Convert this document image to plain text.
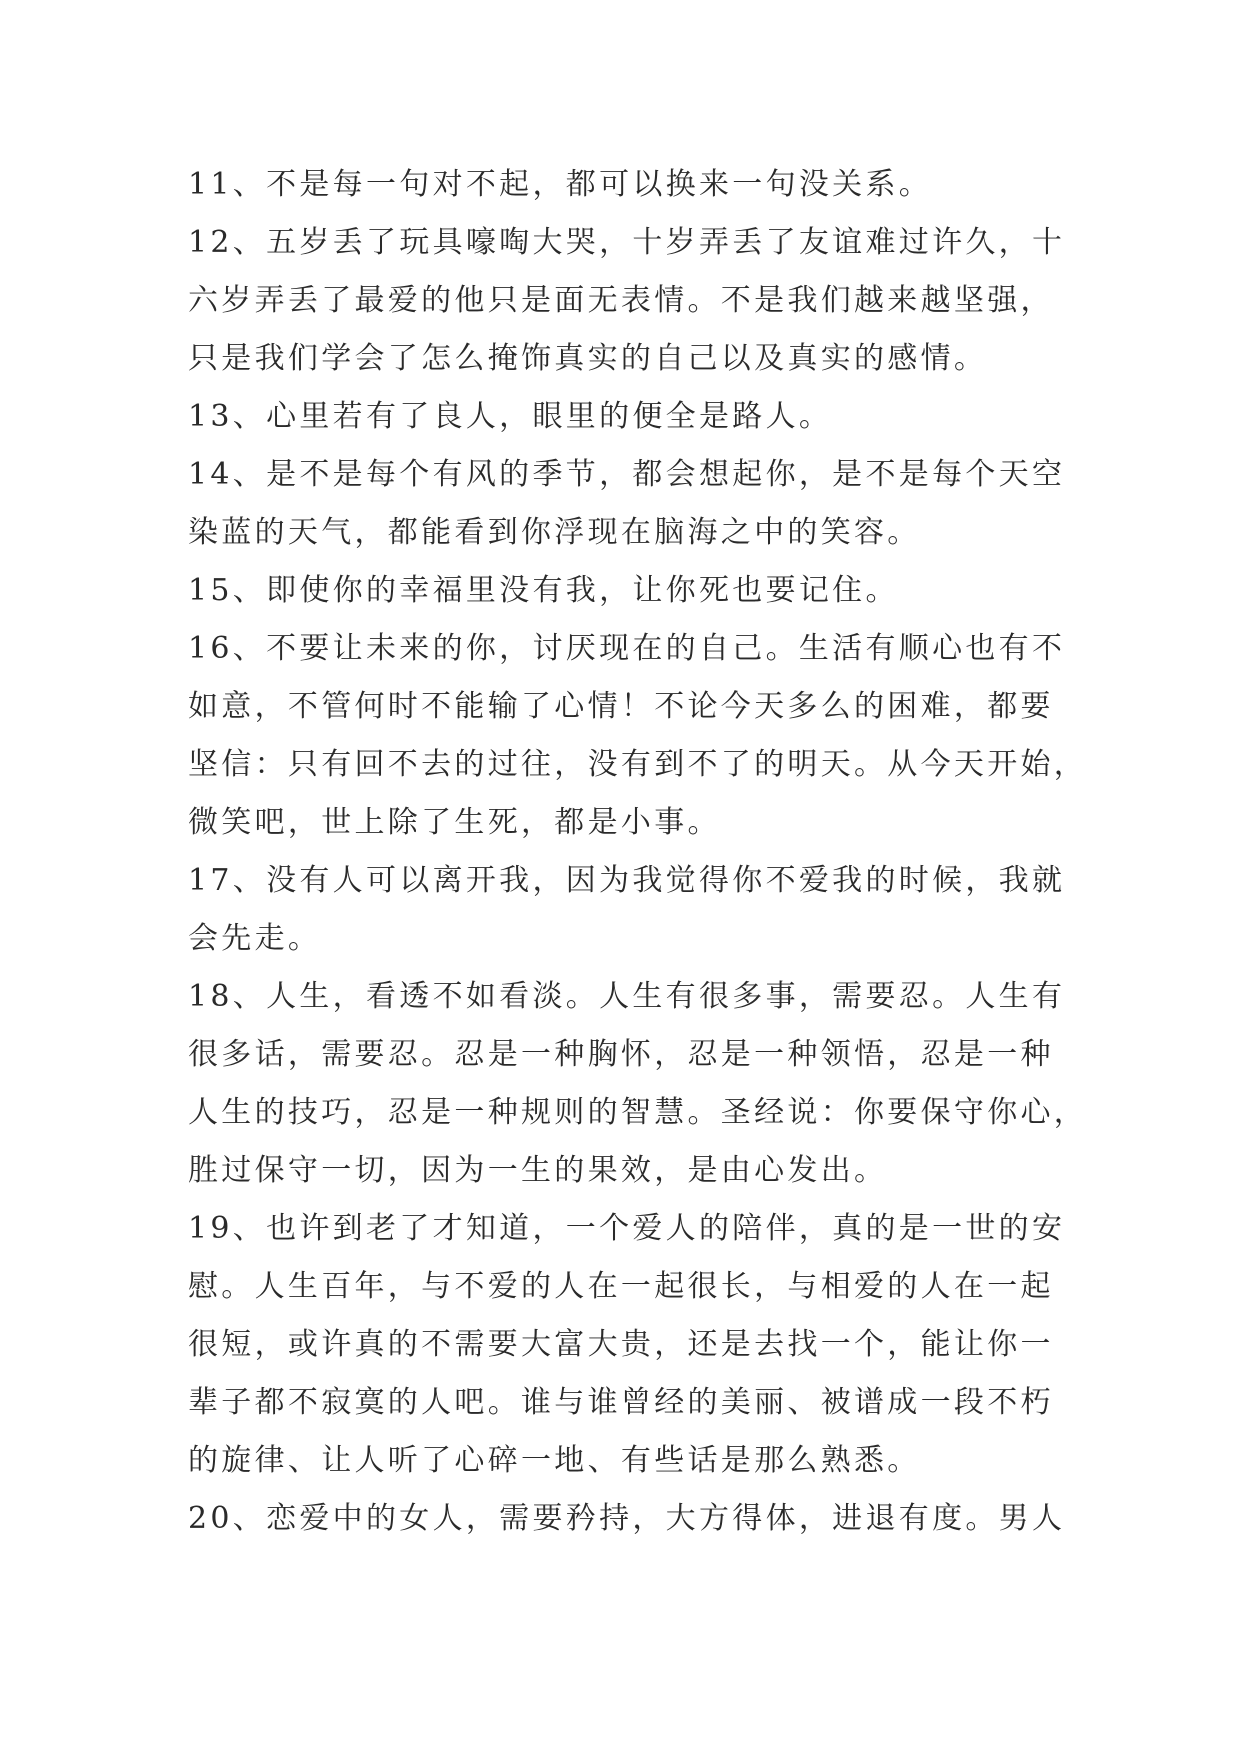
11、不是每一句对不起，都可以换来一句没关系。
12、五岁丢了玩具嚎啕大哭，十岁弄丢了友谊难过许久，十
六岁弄丢了最爱的他只是面无表情。不是我们越来越坚强，
只是我们学会了怎么掩饰真实的自己以及真实的感情。
13、心里若有了良人，眼里的便全是路人。
14、是不是每个有风的季节，都会想起你，是不是每个天空
染蓝的天气，都能看到你浮现在脑海之中的笑容。
15、即使你的幸福里没有我，让你死也要记住。
16、不要让未来的你，讨厌现在的自己。生活有顺心也有不
如意，不管何时不能输了心情！不论今天多么的困难，都要
坚信：只有回不去的过往，没有到不了的明天。从今天开始，
微笑吧，世上除了生死，都是小事。
17、没有人可以离开我，因为我觉得你不爱我的时候，我就
会先走。
18、人生，看透不如看淡。人生有很多事，需要忍。人生有
很多话，需要忍。忍是一种胸怀，忍是一种领悟，忍是一种
人生的技巧，忍是一种规则的智慧。圣经说：你要保守你心，
胜过保守一切，因为一生的果效，是由心发出。
19、也许到老了才知道，一个爱人的陪伴，真的是一世的安
慰。人生百年，与不爱的人在一起很长，与相爱的人在一起
很短，或许真的不需要大富大贵，还是去找一个，能让你一
辈子都不寂寞的人吧。谁与谁曾经的美丽、被谱成一段不朽
的旋律、让人听了心碎一地、有些话是那么熟悉。
20、恋爱中的女人，需要矜持，大方得体，进退有度。男人
